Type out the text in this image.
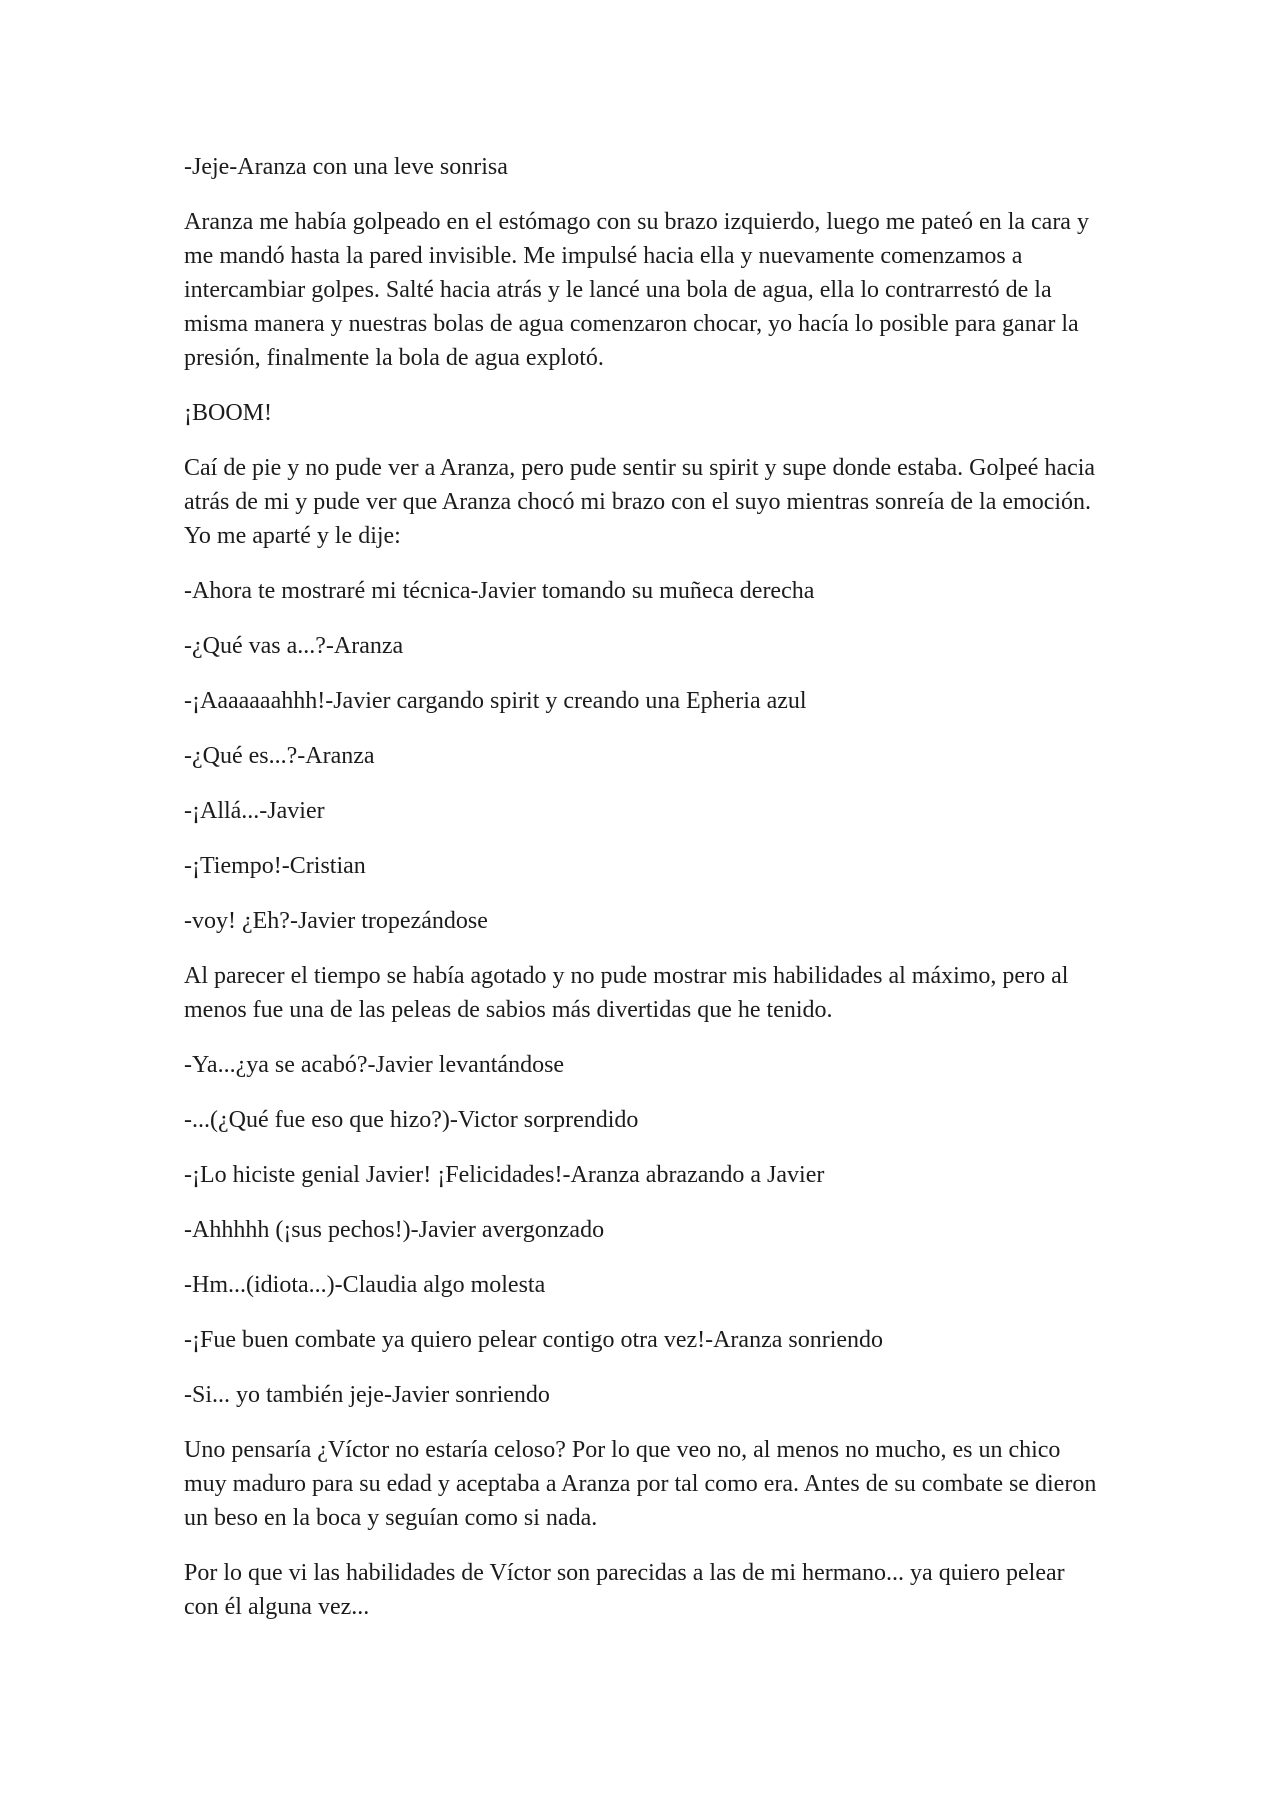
-Jeje-Aranza con una leve sonrisa

Aranza me había golpeado en el estómago con su brazo izquierdo, luego me pateó en la cara y me mandó hasta la pared invisible. Me impulsé hacia ella y nuevamente comenzamos a intercambiar golpes. Salté hacia atrás y le lancé una bola de agua, ella lo contrarrestó de la misma manera y nuestras bolas de agua comenzaron chocar, yo hacía lo posible para ganar la presión, finalmente la bola de agua explotó.

¡BOOM!

Caí de pie y no pude ver a Aranza, pero pude sentir su spirit y supe donde estaba. Golpeé hacia atrás de mi y pude ver que Aranza chocó mi brazo con el suyo mientras sonreía de la emoción. Yo me aparté y le dije:

-Ahora te mostraré mi técnica-Javier tomando su muñeca derecha

-¿Qué vas a...?-Aranza

-¡Aaaaaaahhh!-Javier cargando spirit y creando una Epheria azul

-¿Qué es...?-Aranza

-¡Allá...-Javier

-¡Tiempo!-Cristian

-voy! ¿Eh?-Javier tropezándose

Al parecer el tiempo se había agotado y no pude mostrar mis habilidades al máximo, pero al menos fue una de las peleas de sabios más divertidas que he tenido.

-Ya...¿ya se acabó?-Javier levantándose

-...(¿Qué fue eso que hizo?)-Victor sorprendido

-¡Lo hiciste genial Javier! ¡Felicidades!-Aranza abrazando a Javier

-Ahhhhh (¡sus pechos!)-Javier avergonzado

-Hm...(idiota...)-Claudia algo molesta

-¡Fue buen combate ya quiero pelear contigo otra vez!-Aranza sonriendo

-Si... yo también jeje-Javier sonriendo

Uno pensaría ¿Víctor no estaría celoso? Por lo que veo no, al menos no mucho, es un chico muy maduro para su edad y aceptaba a Aranza por tal como era. Antes de su combate se dieron un beso en la boca y seguían como si nada.

Por lo que vi las habilidades de Víctor son parecidas a las de mi hermano... ya quiero pelear con él alguna vez...
